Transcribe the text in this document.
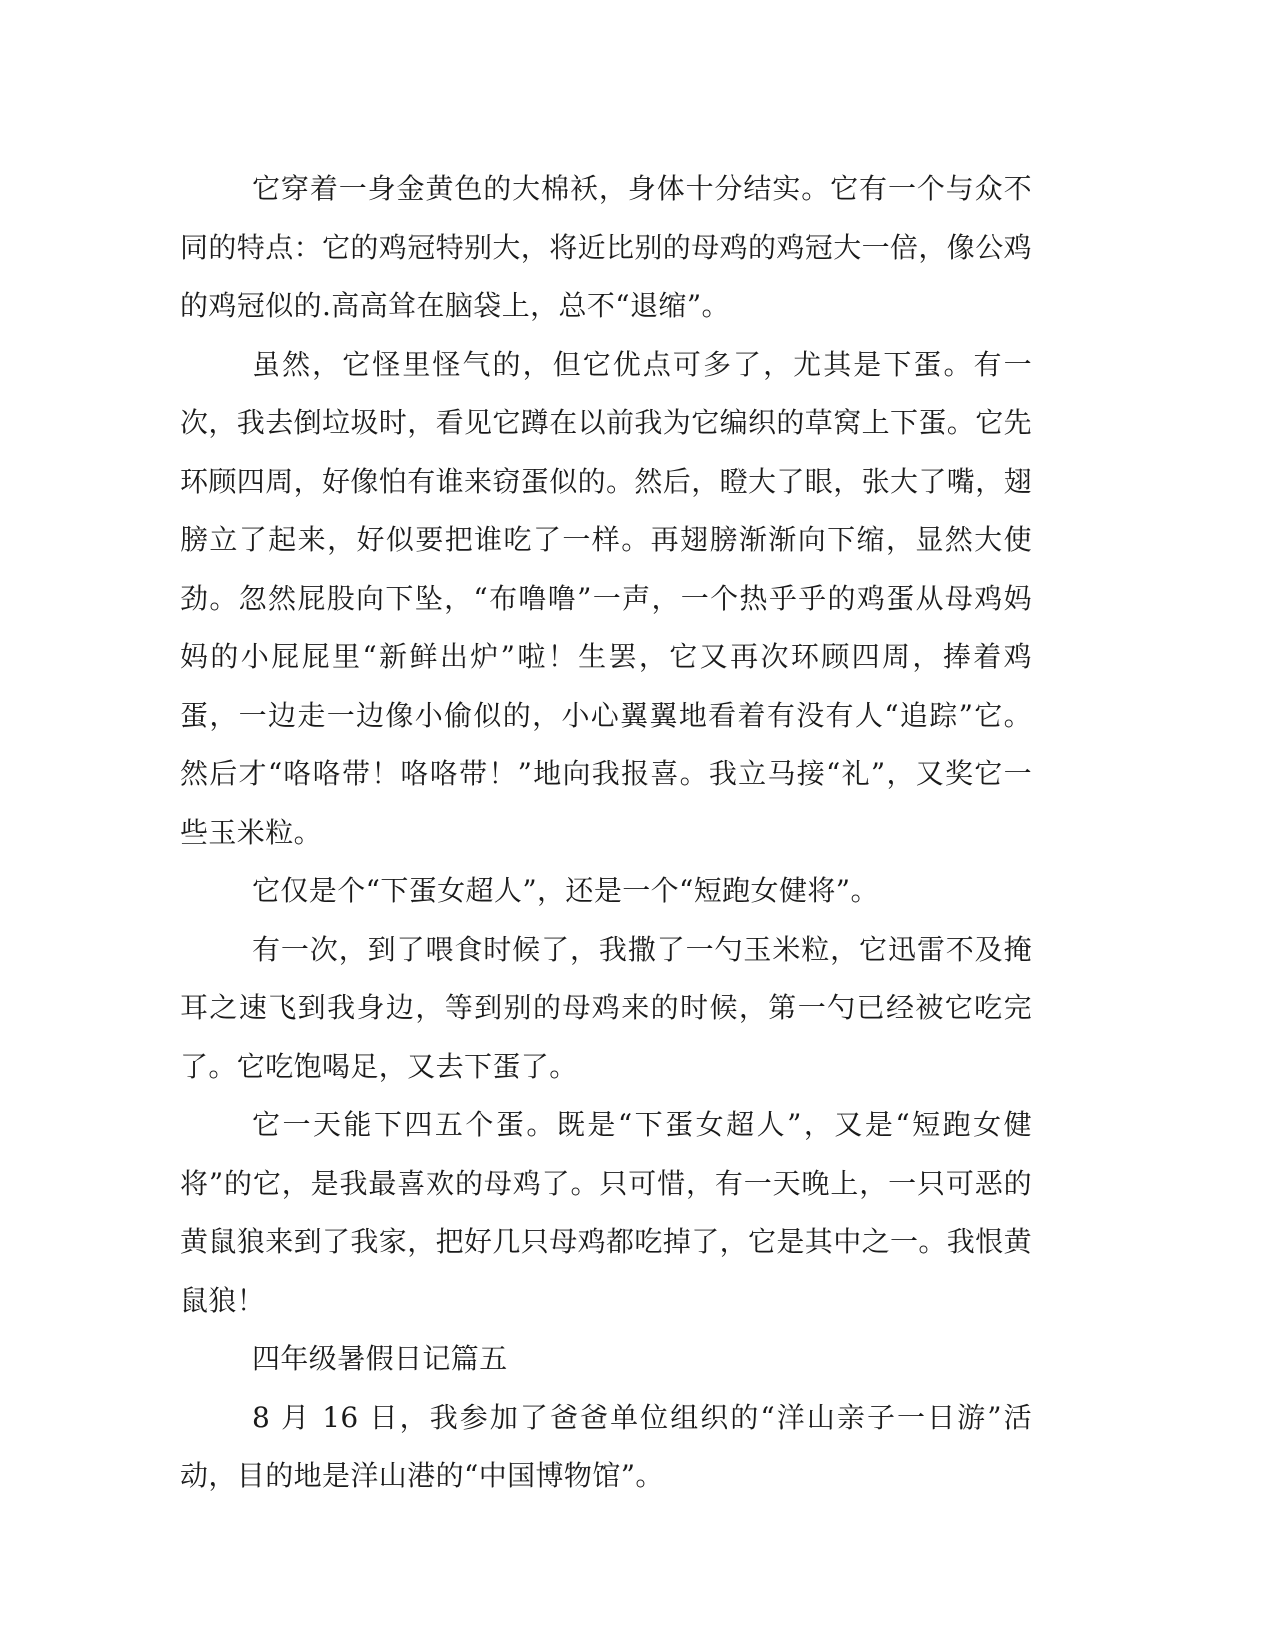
它穿着一身金黄色的大棉袄，身体十分结实。它有一个与众不同的特点：它的鸡冠特别大，将近比别的母鸡的鸡冠大一倍，像公鸡的鸡冠似的.高高耸在脑袋上，总不“退缩”。

虽然，它怪里怪气的，但它优点可多了，尤其是下蛋。有一次，我去倒垃圾时，看见它蹲在以前我为它编织的草窝上下蛋。它先环顾四周，好像怕有谁来窃蛋似的。然后，瞪大了眼，张大了嘴，翅膀立了起来，好似要把谁吃了一样。再翅膀渐渐向下缩，显然大使劲。忽然屁股向下坠，“布噜噜”一声，一个热乎乎的鸡蛋从母鸡妈妈的小屁屁里“新鲜出炉”啦！生罢，它又再次环顾四周，捧着鸡蛋，一边走一边像小偷似的，小心翼翼地看着有没有人“追踪”它。然后才“咯咯带！咯咯带！”地向我报喜。我立马接“礼”，又奖它一些玉米粒。

它仅是个“下蛋女超人”，还是一个“短跑女健将”。

有一次，到了喂食时候了，我撒了一勺玉米粒，它迅雷不及掩耳之速飞到我身边，等到别的母鸡来的时候，第一勺已经被它吃完了。它吃饱喝足，又去下蛋了。

它一天能下四五个蛋。既是“下蛋女超人”，又是“短跑女健将”的它，是我最喜欢的母鸡了。只可惜，有一天晚上，一只可恶的黄鼠狼来到了我家，把好几只母鸡都吃掉了，它是其中之一。我恨黄鼠狼！

四年级暑假日记篇五

8 月 16 日，我参加了爸爸单位组织的“洋山亲子一日游”活动，目的地是洋山港的“中国博物馆”。
